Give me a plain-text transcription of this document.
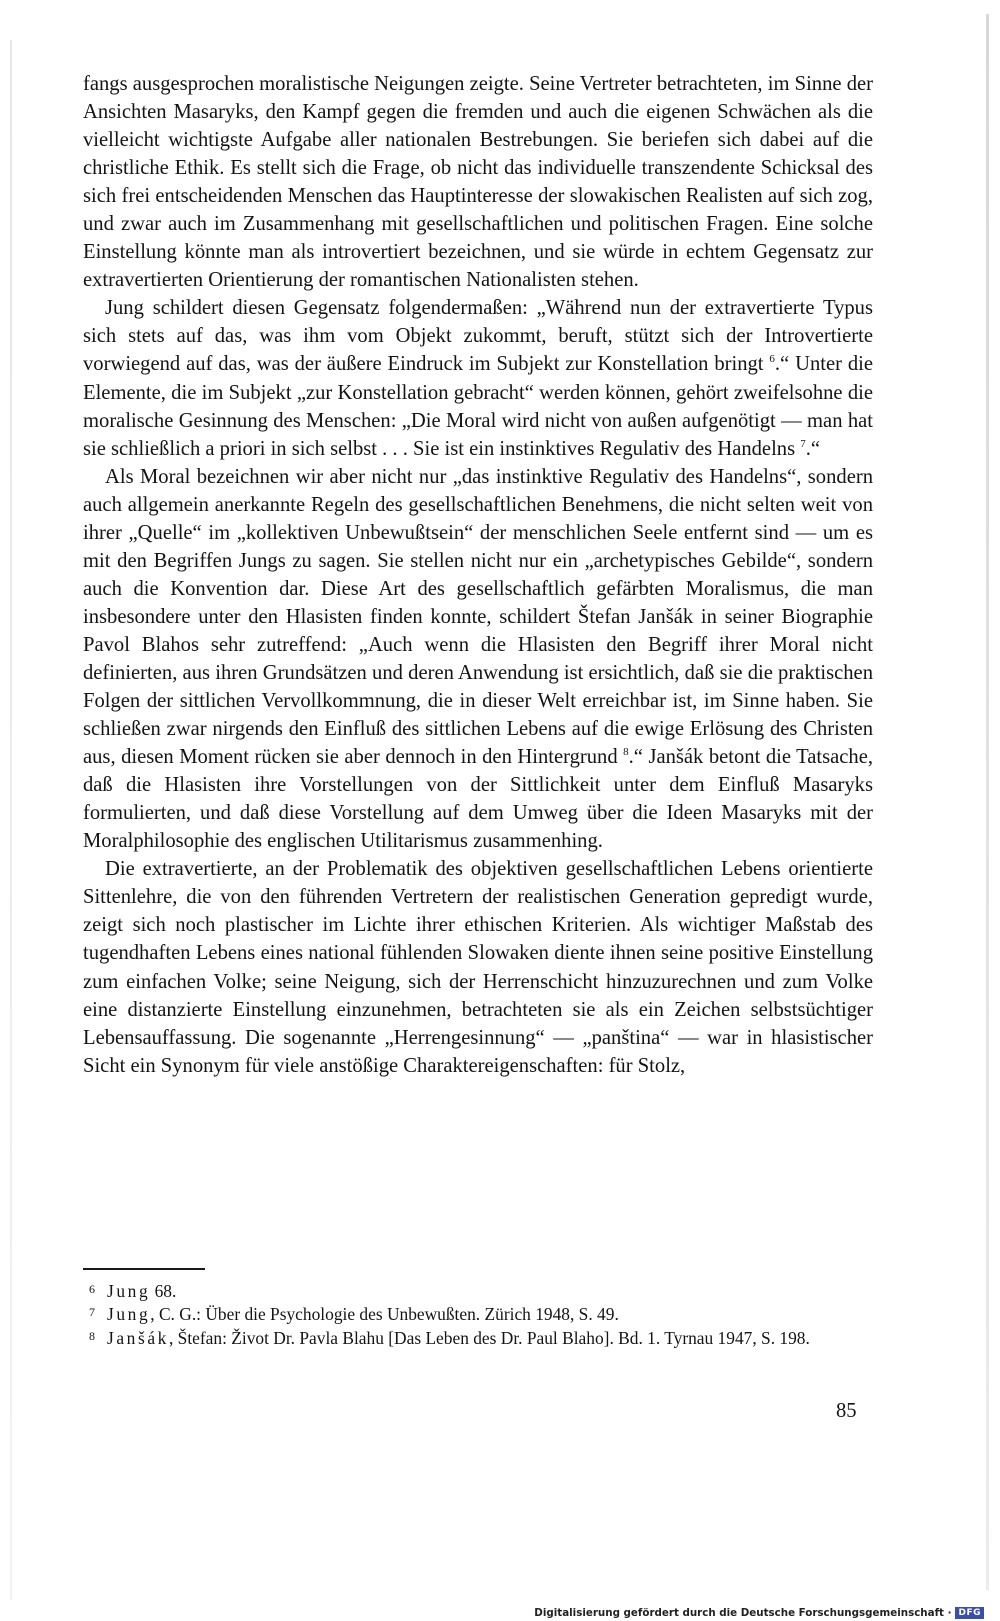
fangs ausgesprochen moralistische Neigungen zeigte. Seine Vertreter betrachteten, im Sinne der Ansichten Masaryks, den Kampf gegen die fremden und auch die eigenen Schwächen als die vielleicht wichtigste Aufgabe aller nationalen Bestrebungen. Sie beriefen sich dabei auf die christliche Ethik. Es stellt sich die Frage, ob nicht das individuelle transzendente Schicksal des sich frei entscheidenden Menschen das Hauptinteresse der slowakischen Realisten auf sich zog, und zwar auch im Zusammenhang mit gesellschaftlichen und politischen Fragen. Eine solche Einstellung könnte man als introvertiert bezeichnen, und sie würde in echtem Gegensatz zur extravertierten Orientierung der romantischen Nationalisten stehen.

Jung schildert diesen Gegensatz folgendermaßen: „Während nun der extravertierte Typus sich stets auf das, was ihm vom Objekt zukommt, beruft, stützt sich der Introvertierte vorwiegend auf das, was der äußere Eindruck im Subjekt zur Konstellation bringt $^6$.“ Unter die Elemente, die im Subjekt „zur Konstellation gebracht“ werden können, gehört zweifelsohne die moralische Gesinnung des Menschen: „Die Moral wird nicht von außen aufgenötigt — man hat sie schließlich a priori in sich selbst . . . Sie ist ein instinktives Regulativ des Handelns $^7$.“

Als Moral bezeichnen wir aber nicht nur „das instinktive Regulativ des Handelns“, sondern auch allgemein anerkannte Regeln des gesellschaftlichen Benehmens, die nicht selten weit von ihrer „Quelle“ im „kollektiven Unbewußtsein“ der menschlichen Seele entfernt sind — um es mit den Begriffen Jungs zu sagen. Sie stellen nicht nur ein „archetypisches Gebilde“, sondern auch die Konvention dar. Diese Art des gesellschaftlich gefärbten Moralismus, die man insbesondere unter den Hlasisten finden konnte, schildert Štefan Janšák in seiner Biographie Pavol Blahos sehr zutreffend: „Auch wenn die Hlasisten den Begriff ihrer Moral nicht definierten, aus ihren Grundsätzen und deren Anwendung ist ersichtlich, daß sie die praktischen Folgen der sittlichen Vervollkommnung, die in dieser Welt erreichbar ist, im Sinne haben. Sie schließen zwar nirgends den Einfluß des sittlichen Lebens auf die ewige Erlösung des Christen aus, diesen Moment rücken sie aber dennoch in den Hintergrund $^8$.“ Janšák betont die Tatsache, daß die Hlasisten ihre Vorstellungen von der Sittlichkeit unter dem Einfluß Masaryks formulierten, und daß diese Vorstellung auf dem Umweg über die Ideen Masaryks mit der Moralphilosophie des englischen Utilitarismus zusammenhing.

Die extravertierte, an der Problematik des objektiven gesellschaftlichen Lebens orientierte Sittenlehre, die von den führenden Vertretern der realistischen Generation gepredigt wurde, zeigt sich noch plastischer im Lichte ihrer ethischen Kriterien. Als wichtiger Maßstab des tugendhaften Lebens eines national fühlenden Slowaken diente ihnen seine positive Einstellung zum einfachen Volke; seine Neigung, sich der Herrenschicht hinzuzurechnen und zum Volke eine distanzierte Einstellung einzunehmen, betrachteten sie als ein Zeichen selbstsüchtiger Lebensauffassung. Die sogenannte „Herrengesinnung“ — „panština“ — war in hlasistischer Sicht ein Synonym für viele anstößige Charaktereigenschaften: für Stolz,

6 Jung 68.
7 Jung, C. G.: Über die Psychologie des Unbewußten. Zürich 1948, S. 49.
8 Janšák, Štefan: Život Dr. Pavla Blahu [Das Leben des Dr. Paul Blaho]. Bd. 1. Tyrnau 1947, S. 198.
85
Digitalisierung gefördert durch die Deutsche Forschungsgemeinschaft · DFG
